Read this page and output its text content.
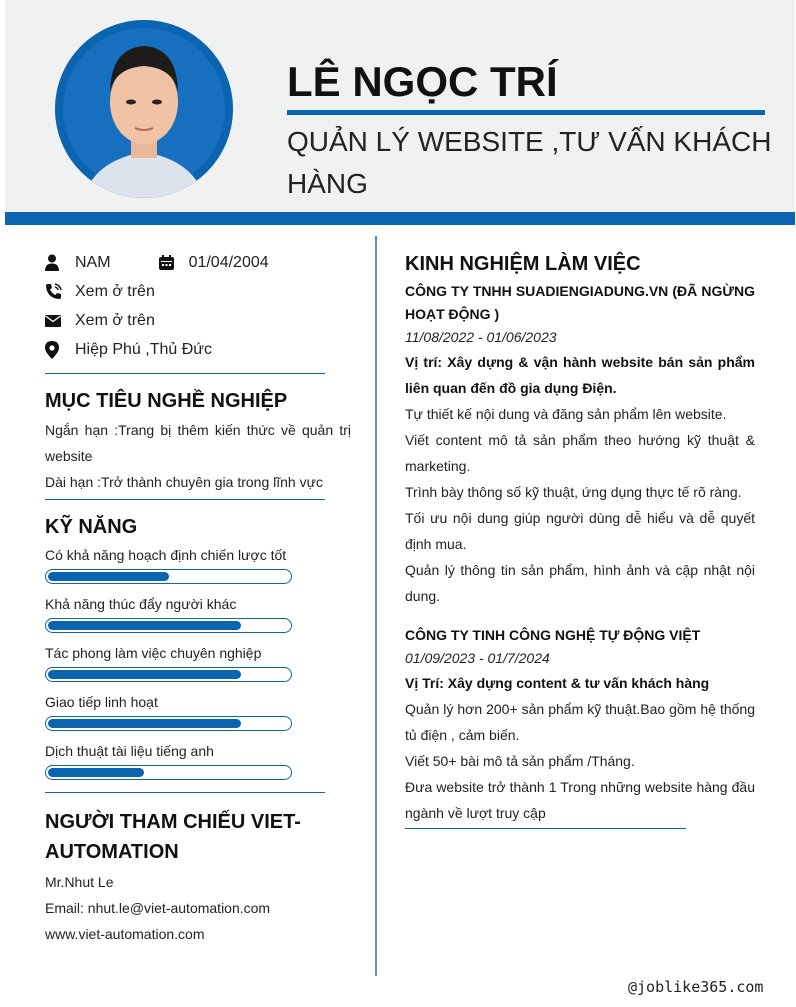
LÊ NGỌC TRÍ
QUẢN LÝ WEBSITE ,TƯ VẤN KHÁCH HÀNG
NAM	01/04/2004
Xem ở trên
Xem ở trên
Hiệp Phú ,Thủ Đức
MỤC TIÊU NGHỀ NGHIỆP
Ngắn hạn :Trang bị thêm kiến thức về quản trị website
Dài hạn :Trở thành chuyên gia trong lĩnh vực
KỸ NĂNG
Có khả năng hoạch định chiến lược tốt
Khả năng thúc đẩy người khác
Tác phong làm việc chuyên nghiệp
Giao tiếp linh hoạt
Dịch thuật tài liệu tiếng anh
NGƯỜI THAM CHIẾU VIET-AUTOMATION
Mr.Nhut Le
Email: nhut.le@viet-automation.com
www.viet-automation.com
KINH NGHIỆM LÀM VIỆC
CÔNG TY TNHH SUADIENGIADUNG.VN (ĐÃ NGỪNG HOẠT ĐỘNG )
11/08/2022 - 01/06/2023
Vị trí: Xây dựng & vận hành website bán sản phẩm liên quan đến đồ gia dụng Điện.
Tự thiết kế nội dung và đăng sản phẩm lên website.
Viết content mô tả sản phẩm theo hướng kỹ thuật & marketing.
Trình bày thông số kỹ thuật, ứng dụng thực tế rõ ràng.
Tối ưu nội dung giúp người dùng dễ hiểu và dễ quyết định mua.
Quản lý thông tin sản phẩm, hình ảnh và cập nhật nội dung.
CÔNG TY TINH CÔNG NGHỆ TỰ ĐỘNG VIỆT
01/09/2023 - 01/7/2024
Vị Trí: Xây dựng content & tư vấn khách hàng
Quản lý hơn 200+ sản phẩm kỹ thuật.Bao gồm hệ thống tủ điện , cảm biến.
Viết 50+ bài mô tả sản phẩm /Tháng.
Đưa website trở thành 1 Trong những website hàng đầu ngành về lượt truy cập
@joblike365.com
